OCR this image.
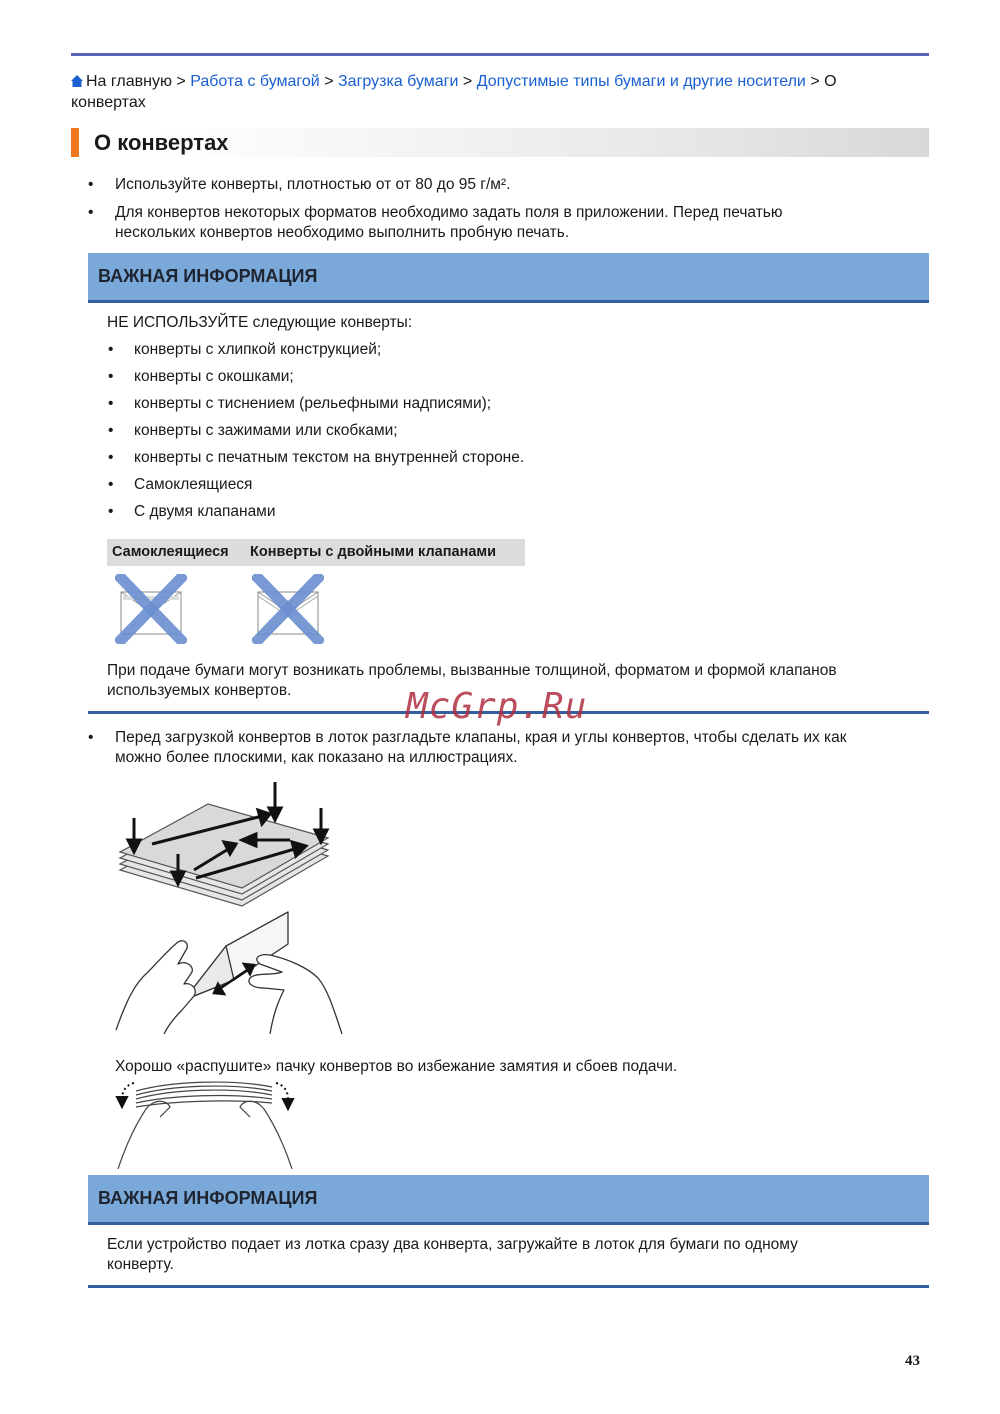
На главную > Работа с бумагой > Загрузка бумаги > Допустимые типы бумаги и другие носители > О
конвертах
О конвертах
• Используйте конверты, плотностью от от 80 до 95 г/м².
• Для конвертов некоторых форматов необходимо задать поля в приложении. Перед печатью
нескольких конвертов необходимо выполнить пробную печать.
ВАЖНАЯ ИНФОРМАЦИЯ
НЕ ИСПОЛЬЗУЙТЕ следующие конверты:
• конверты с хлипкой конструкцией;
• конверты с окошками;
• конверты с тиснением (рельефными надписями);
• конверты с зажимами или скобками;
• конверты с печатным текстом на внутренней стороне.
• Самоклеящиеся
• С двумя клапанами
Самоклеящиеся Конверты с двойными клапанами
При подаче бумаги могут возникать проблемы, вызванные толщиной, форматом и формой клапанов
используемых конвертов.	McGrp.Ru
• Перед загрузкой конвертов в лоток разгладьте клапаны, края и углы конвертов, чтобы сделать их как
можно более плоскими, как показано на иллюстрациях.
Хорошо «распушите» пачку конвертов во избежание замятия и сбоев подачи.
ВАЖНАЯ ИНФОРМАЦИЯ
Если устройство подает из лотка сразу два конверта, загружайте в лоток для бумаги по одному
конверту.
43
